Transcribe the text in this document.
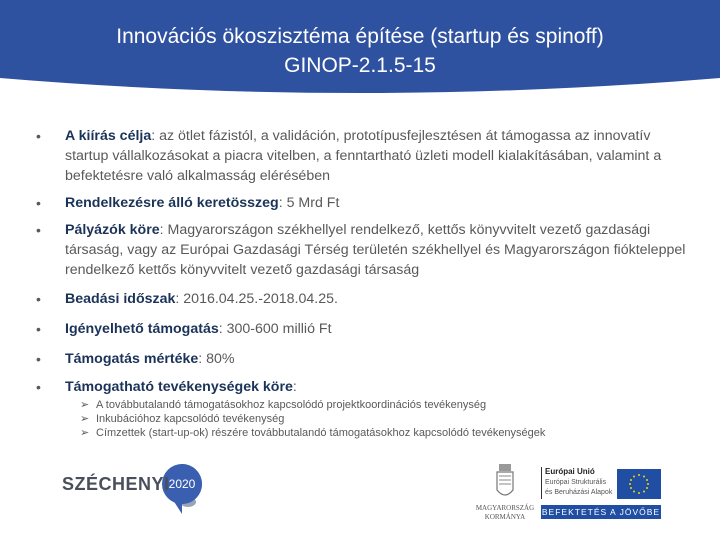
Innovációs ökoszisztéma építése (startup és spinoff)
GINOP-2.1.5-15
• A kiírás célja: az ötlet fázistól, a validáción, prototípusfejlesztésen át támogassa az innovatív startup vállalkozásokat a piacra vitelben, a fenntartható üzleti modell kialakításában, valamint a befektetésre való alkalmasság elérésében
• Rendelkezésre álló keretösszeg: 5 Mrd Ft
• Pályázók köre: Magyarországon székhellyel rendelkező, kettős könyvvitelt vezető gazdasági társaság, vagy az Európai Gazdasági Térség területén székhellyel és Magyarországon fiókteleppel rendelkező kettős könyvvitelt vezető gazdasági társaság
• Beadási időszak: 2016.04.25.-2018.04.25.
• Igényelhető támogatás: 300-600 millió Ft
• Támogatás mértéke: 80%
• Támogatható tevékenységek köre:
➢ A továbbutalandó támogatásokhoz kapcsolódó projektkoordinációs tevékenység
➢ Inkubációhoz kapcsolódó tevékenység
➢ Címzettek (start-up-ok) részére továbbutalandó támogatásokhoz kapcsolódó tevékenységek
SZÉCHENYI 2020
MAGYARORSZÁG
KORMÁNYA
Európai Unió
Európai Strukturális
és Beruházási Alapok
BEFEKTETÉS A JÖVŐBE
